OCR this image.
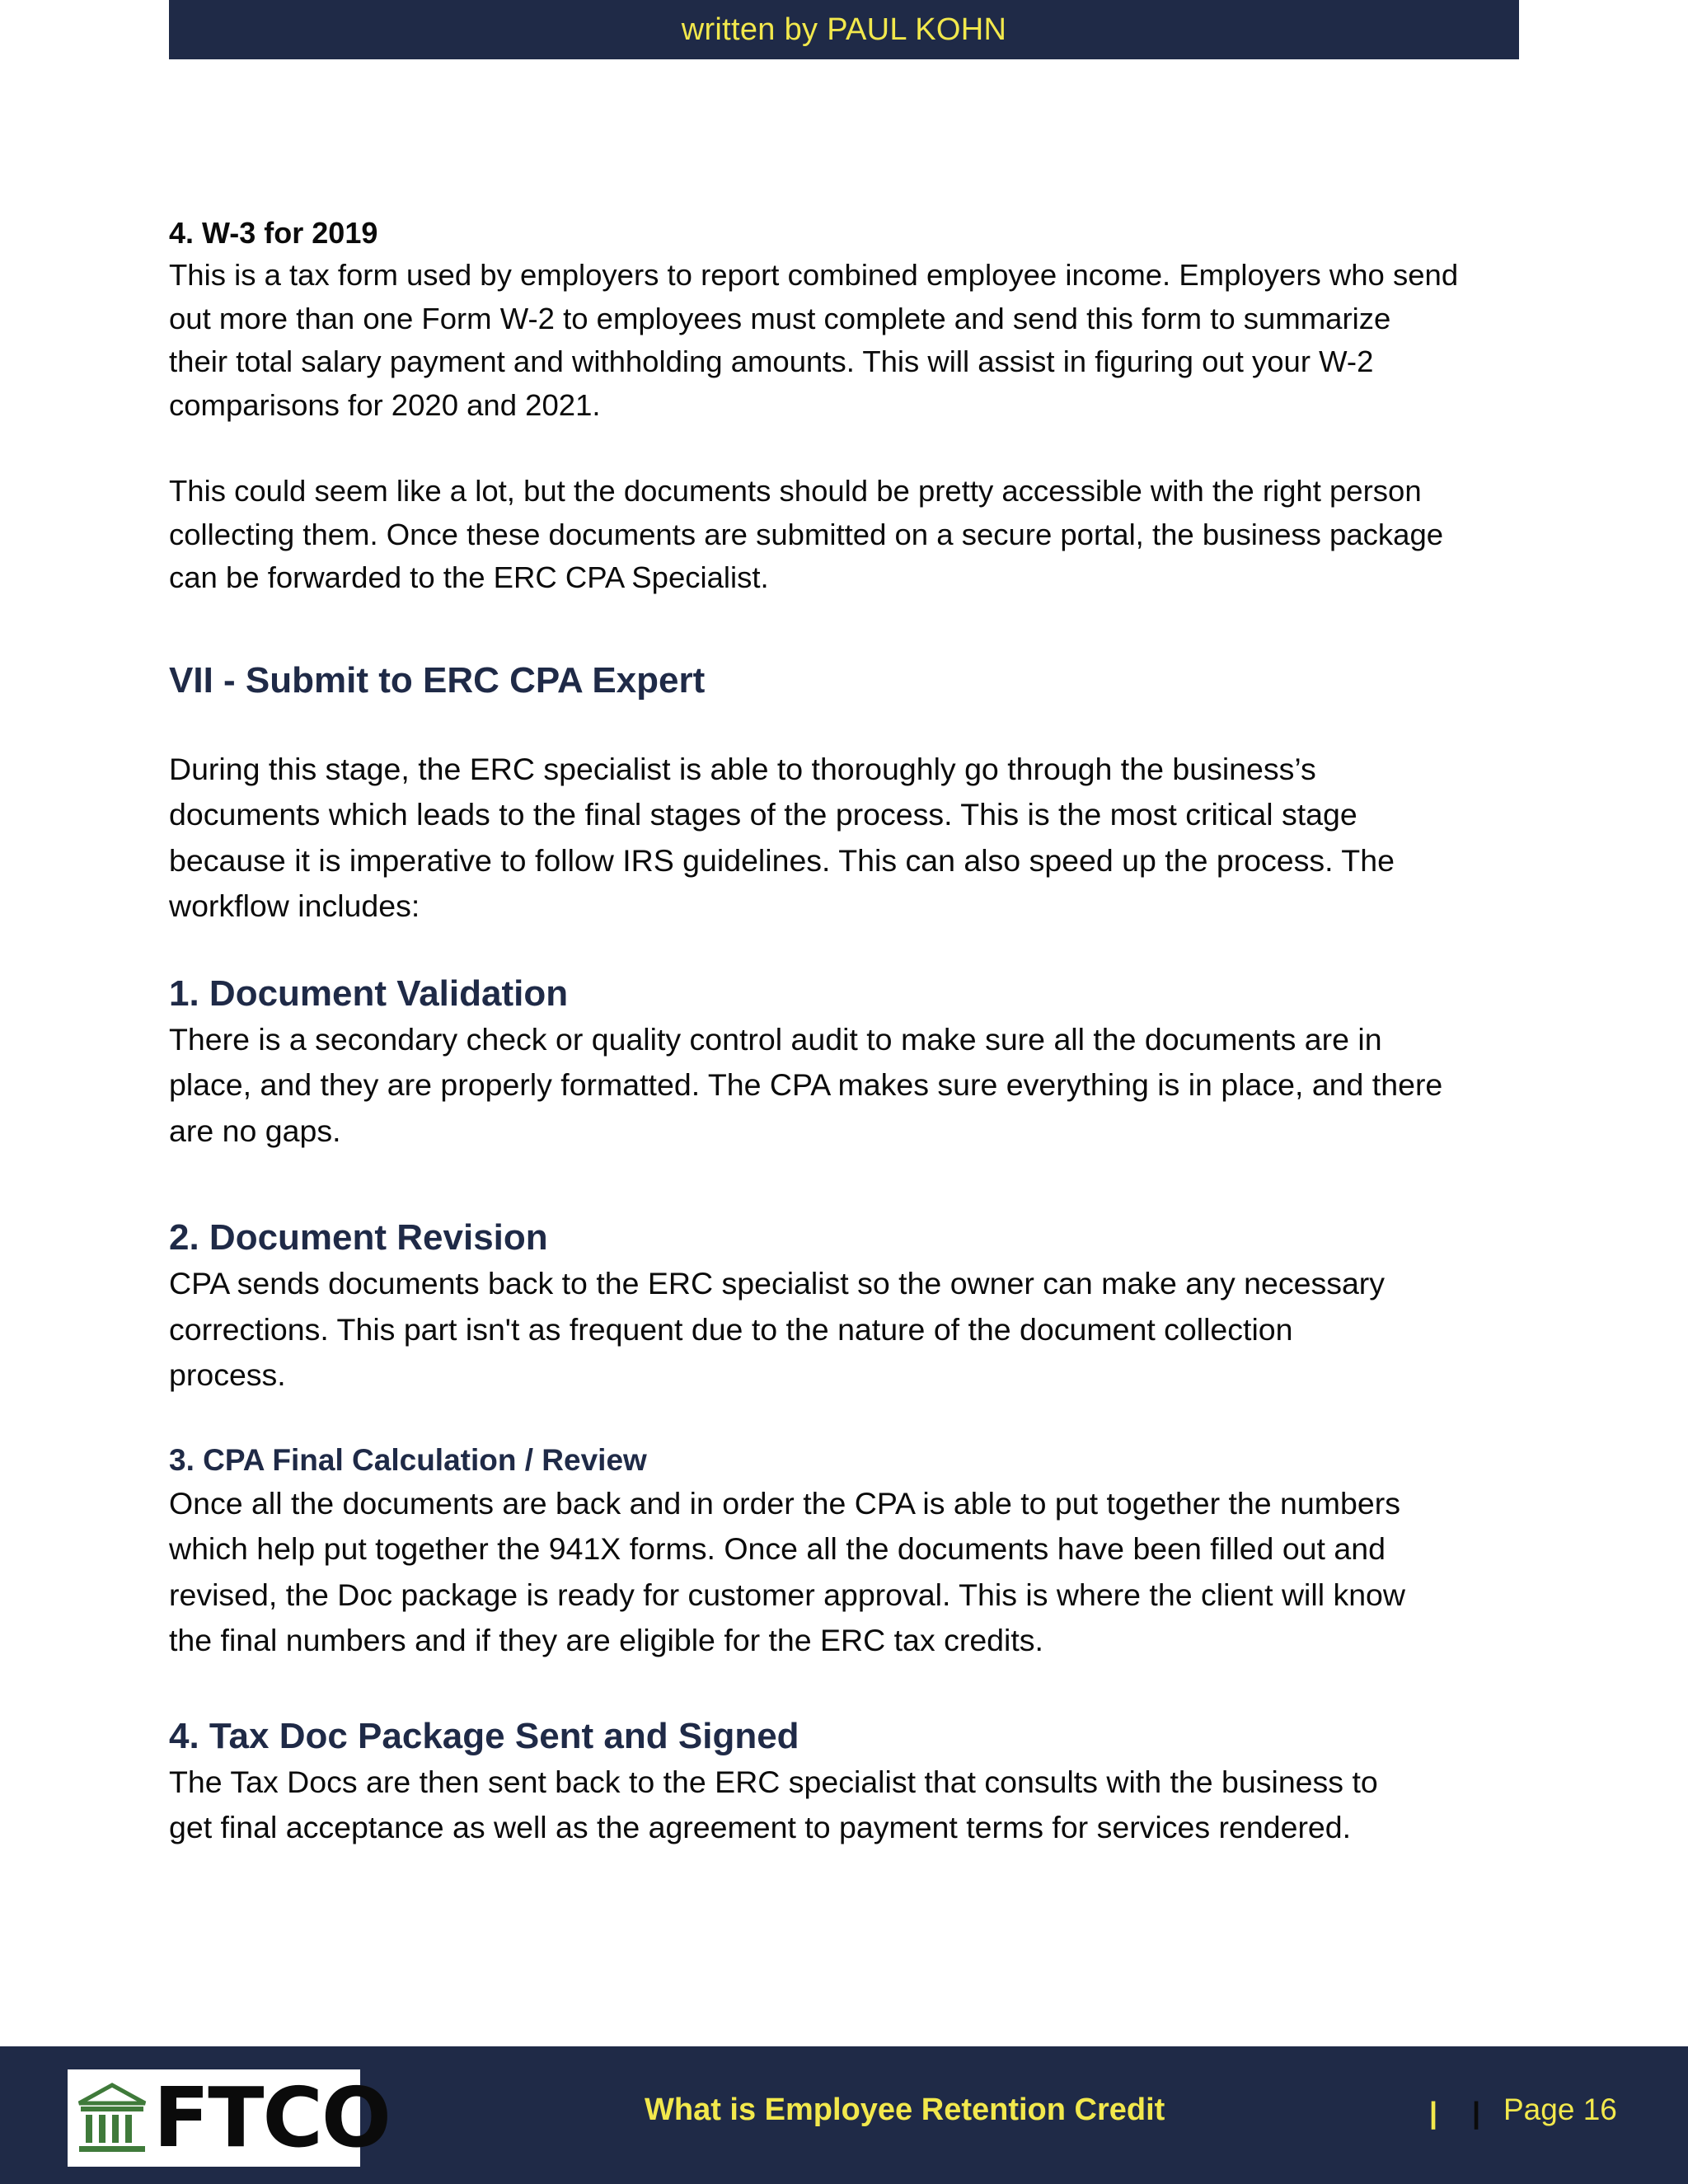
written by PAUL KOHN

4. W-3 for 2019

This is a tax form used by employers to report combined employee income. Employers who send

out more than one Form W-2 to employees must complete and send this form to summarize

their total salary payment and withholding amounts. This will assist in figuring out your W-2

comparisons for 2020 and 2021.

This could seem like a lot, but the documents should be pretty accessible with the right person

collecting them. Once these documents are submitted on a secure portal, the business package

can be forwarded to the ERC CPA Specialist.

VII - Submit to ERC CPA Expert

During this stage, the ERC specialist is able to thoroughly go through the business’s

documents which leads to the final stages of the process. This is the most critical stage

because it is imperative to follow IRS guidelines. This can also speed up the process. The

workflow includes:

1. Document Validation

There is a secondary check or quality control audit to make sure all the documents are in

place, and they are properly formatted. The CPA makes sure everything is in place, and there

are no gaps.

2. Document Revision

CPA sends documents back to the ERC specialist so the owner can make any necessary

corrections. This part isn't as frequent due to the nature of the document collection

process.

3. CPA Final Calculation / Review

Once all the documents are back and in order the CPA is able to put together the numbers

which help put together the 941X forms. Once all the documents have been filled out and

revised, the Doc package is ready for customer approval. This is where the client will know

the final numbers and if they are eligible for the ERC tax credits.

4. Tax Doc Package Sent and Signed

The Tax Docs are then sent back to the ERC specialist that consults with the business to

get final acceptance as well as the agreement to payment terms for services rendered.

FTCO	What is Employee Retention Credit	| | Page 16
